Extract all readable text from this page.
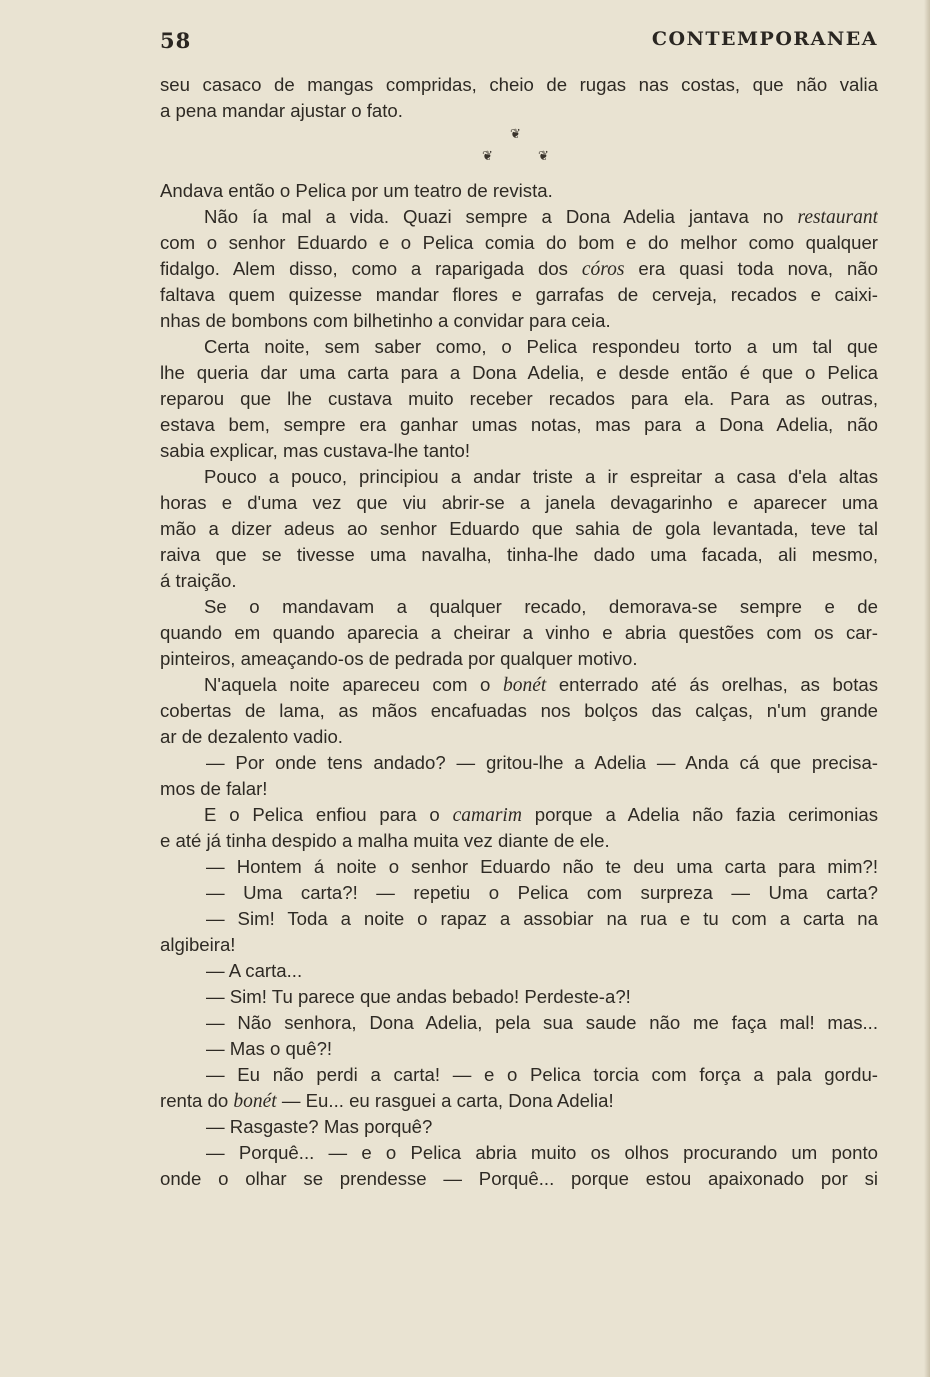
58	CONTEMPORANEA
seu casaco de mangas compridas, cheio de rugas nas costas, que não valia
a pena mandar ajustar o fato.
❦
❦	❦
Andava então o Pelica por um teatro de revista.
Não ía mal a vida. Quazi sempre a Dona Adelia jantava no restaurant
com o senhor Eduardo e o Pelica comia do bom e do melhor como qualquer
fidalgo. Alem disso, como a raparigada dos córos era quasi toda nova, não
faltava quem quizesse mandar flores e garrafas de cerveja, recados e caixi-
nhas de bombons com bilhetinho a convidar para ceia.
Certa noite, sem saber como, o Pelica respondeu torto a um tal que
lhe queria dar uma carta para a Dona Adelia, e desde então é que o Pelica
reparou que lhe custava muito receber recados para ela. Para as outras,
estava bem, sempre era ganhar umas notas, mas para a Dona Adelia, não
sabia explicar, mas custava-lhe tanto!
Pouco a pouco, principiou a andar triste a ir espreitar a casa d'ela altas
horas e d'uma vez que viu abrir-se a janela devagarinho e aparecer uma
mão a dizer adeus ao senhor Eduardo que sahia de gola levantada, teve tal
raiva que se tivesse uma navalha, tinha-lhe dado uma facada, ali mesmo,
á traição.
Se o mandavam a qualquer recado, demorava-se sempre e de
quando em quando aparecia a cheirar a vinho e abria questões com os car-
pinteiros, ameaçando-os de pedrada por qualquer motivo.
N'aquela noite apareceu com o bonét enterrado até ás orelhas, as botas
cobertas de lama, as mãos encafuadas nos bolços das calças, n'um grande
ar de dezalento vadio.
— Por onde tens andado? — gritou-lhe a Adelia — Anda cá que precisa-
mos de falar!
E o Pelica enfiou para o camarim porque a Adelia não fazia cerimonias
e até já tinha despido a malha muita vez diante de ele.
— Hontem á noite o senhor Eduardo não te deu uma carta para mim?!
— Uma carta?! — repetiu o Pelica com surpreza — Uma carta?
— Sim! Toda a noite o rapaz a assobiar na rua e tu com a carta na
algibeira!
— A carta...
— Sim! Tu parece que andas bebado! Perdeste-a?!
— Não senhora, Dona Adelia, pela sua saude não me faça mal! mas...
— Mas o quê?!
— Eu não perdi a carta! — e o Pelica torcia com força a pala gordu-
renta do bonét — Eu... eu rasguei a carta, Dona Adelia!
— Rasgaste? Mas porquê?
— Porquê... — e o Pelica abria muito os olhos procurando um ponto
onde o olhar se prendesse — Porquê... porque estou apaixonado por si
